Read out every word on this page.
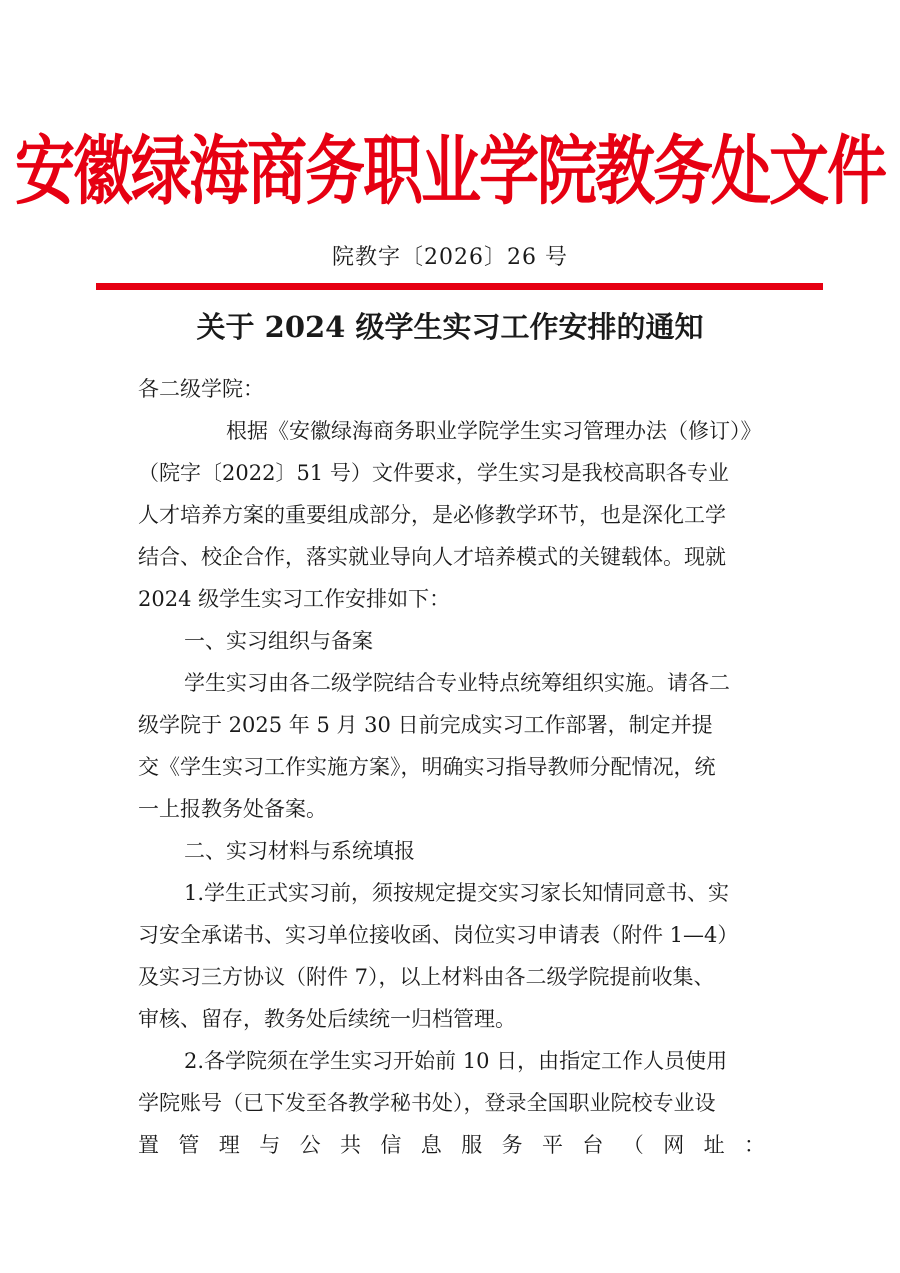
安徽绿海商务职业学院教务处文件
院教字〔2026〕26 号
关于 2024 级学生实习工作安排的通知
各二级学院：
根据《安徽绿海商务职业学院学生实习管理办法（修订）》
（院字〔2022〕51 号）文件要求，学生实习是我校高职各专业
人才培养方案的重要组成部分，是必修教学环节，也是深化工学
结合、校企合作，落实就业导向人才培养模式的关键载体。现就
2024 级学生实习工作安排如下：
一、实习组织与备案
学生实习由各二级学院结合专业特点统筹组织实施。请各二
级学院于 2025 年 5 月 30 日前完成实习工作部署，制定并提
交《学生实习工作实施方案》，明确实习指导教师分配情况，统
一上报教务处备案。
二、实习材料与系统填报
1.学生正式实习前，须按规定提交实习家长知情同意书、实
习安全承诺书、实习单位接收函、岗位实习申请表（附件 1—4）
及实习三方协议（附件 7），以上材料由各二级学院提前收集、
审核、留存，教务处后续统一归档管理。
2.各学院须在学生实习开始前 10 日，由指定工作人员使用
学院账号（已下发至各教学秘书处），登录全国职业院校专业设
置管理与公共信息服务平台（网址：
